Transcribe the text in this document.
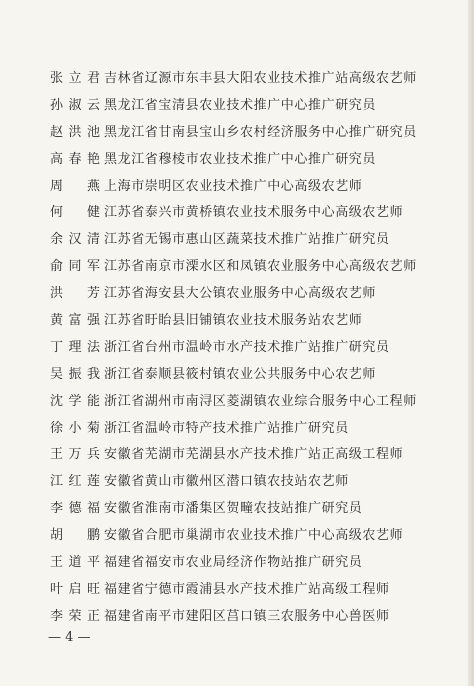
张立君 吉林省辽源市东丰县大阳农业技术推广站高级农艺师
孙淑云 黑龙江省宝清县农业技术推广中心推广研究员
赵洪池 黑龙江省甘南县宝山乡农村经济服务中心推广研究员
高春艳 黑龙江省穆棱市农业技术推广中心推广研究员
周　燕 上海市崇明区农业技术推广中心高级农艺师
何　健 江苏省泰兴市黄桥镇农业技术服务中心高级农艺师
余汉清 江苏省无锡市惠山区蔬菜技术推广站推广研究员
俞同军 江苏省南京市溧水区和凤镇农业服务中心高级农艺师
洪　芳 江苏省海安县大公镇农业服务中心高级农艺师
黄富强 江苏省盱眙县旧铺镇农业技术服务站农艺师
丁理法 浙江省台州市温岭市水产技术推广站推广研究员
吴振我 浙江省泰顺县筱村镇农业公共服务中心农艺师
沈学能 浙江省湖州市南浔区菱湖镇农业综合服务中心工程师
徐小菊 浙江省温岭市特产技术推广站推广研究员
王万兵 安徽省芜湖市芜湖县水产技术推广站正高级工程师
江红莲 安徽省黄山市徽州区潜口镇农技站农艺师
李德福 安徽省淮南市潘集区贺疃农技站推广研究员
胡　鹏 安徽省合肥市巢湖市农业技术推广中心高级农艺师
王道平 福建省福安市农业局经济作物站推广研究员
叶启旺 福建省宁德市霞浦县水产技术推广站高级工程师
李荣正 福建省南平市建阳区莒口镇三农服务中心兽医师
— 4 —
